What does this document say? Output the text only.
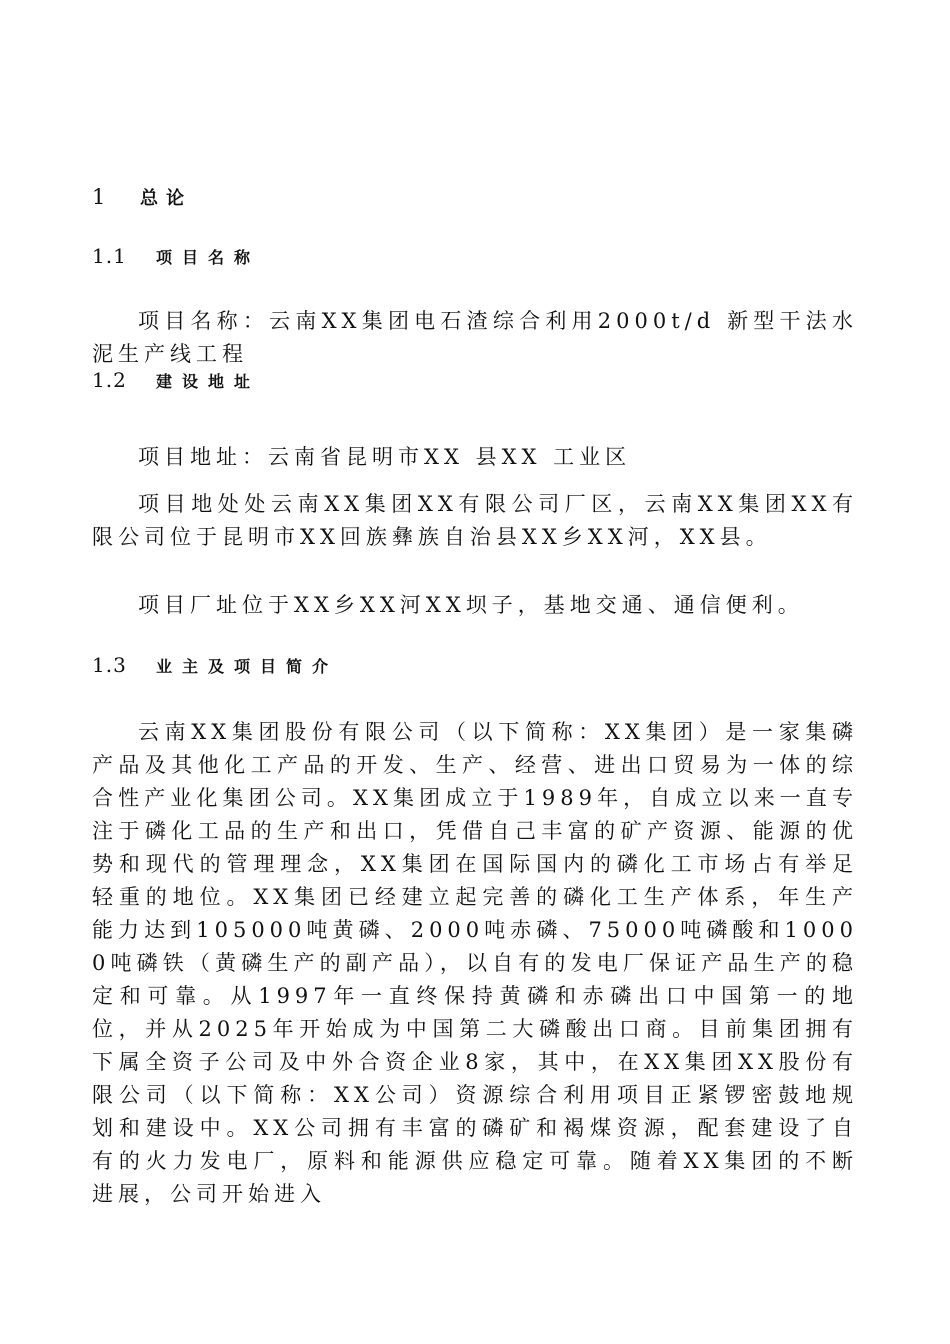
1	总论
1.1	项目名称

项目名称：云南XX集团电石渣综合利用2000t/d 新型干法水泥生产线工程

1.2	建设地址

项目地址：云南省昆明市XX 县XX 工业区

项目地处处云南XX集团XX有限公司厂区，云南XX集团XX有限公司位于昆明市XX回族彝族自治县XX乡XX河，XX县。

项目厂址位于XX乡XX河XX坝子，基地交通、通信便利。

1.3	业主及项目简介

云南XX集团股份有限公司（以下简称：XX集团）是一家集磷产品及其他化工产品的开发、生产、经营、进出口贸易为一体的综合性产业化集团公司。XX集团成立于1989年，自成立以来一直专注于磷化工品的生产和出口，凭借自己丰富的矿产资源、能源的优势和现代的管理理念，XX集团在国际国内的磷化工市场占有举足轻重的地位。XX集团已经建立起完善的磷化工生产体系，年生产能力达到105000吨黄磷、2000吨赤磷、75000吨磷酸和10000吨磷铁（黄磷生产的副产品），以自有的发电厂保证产品生产的稳定和可靠。从1997年一直终保持黄磷和赤磷出口中国第一的地位，并从2025年开始成为中国第二大磷酸出口商。目前集团拥有下属全资子公司及中外合资企业8家，其中，在XX集团XX股份有限公司（以下简称：XX公司）资源综合利用项目正紧锣密鼓地规划和建设中。XX公司拥有丰富的磷矿和褐煤资源，配套建设了自有的火力发电厂，原料和能源供应稳定可靠。随着XX集团的不断进展，公司开始进入
